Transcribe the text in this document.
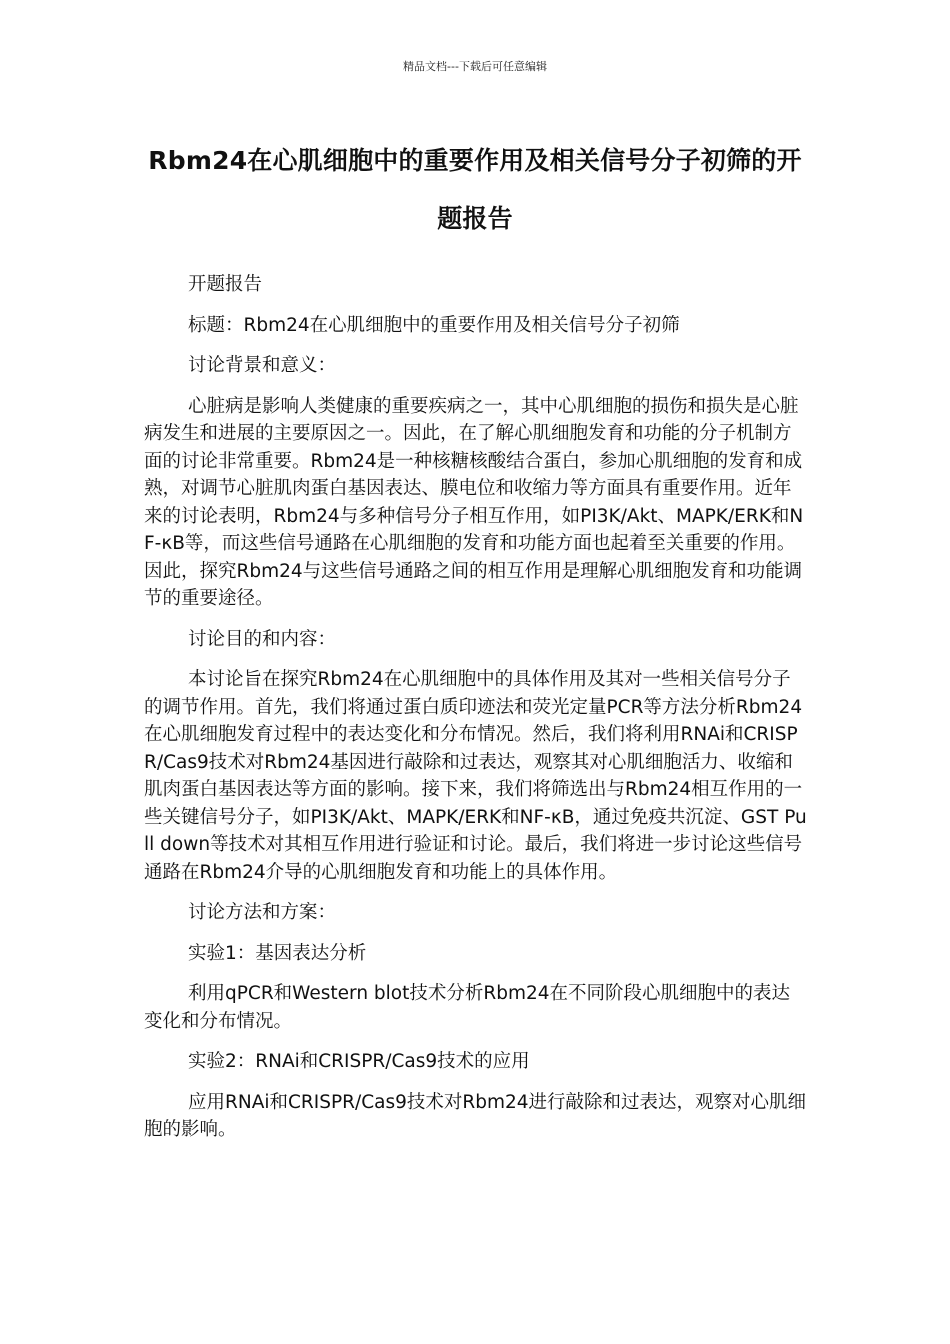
精品文档---下载后可任意编辑
Rbm24在心肌细胞中的重要作用及相关信号分子初筛的开题报告

开题报告

标题：Rbm24在心肌细胞中的重要作用及相关信号分子初筛

讨论背景和意义：

心脏病是影响人类健康的重要疾病之一，其中心肌细胞的损伤和损失是心脏病发生和进展的主要原因之一。因此，在了解心肌细胞发育和功能的分子机制方面的讨论非常重要。Rbm24是一种核糖核酸结合蛋白，参加心肌细胞的发育和成熟，对调节心脏肌肉蛋白基因表达、膜电位和收缩力等方面具有重要作用。近年来的讨论表明，Rbm24与多种信号分子相互作用，如PI3K/Akt、MAPK/ERK和NF-κB等，而这些信号通路在心肌细胞的发育和功能方面也起着至关重要的作用。因此，探究Rbm24与这些信号通路之间的相互作用是理解心肌细胞发育和功能调节的重要途径。

讨论目的和内容：

本讨论旨在探究Rbm24在心肌细胞中的具体作用及其对一些相关信号分子的调节作用。首先，我们将通过蛋白质印迹法和荧光定量PCR等方法分析Rbm24在心肌细胞发育过程中的表达变化和分布情况。然后，我们将利用RNAi和CRISPR/Cas9技术对Rbm24基因进行敲除和过表达，观察其对心肌细胞活力、收缩和肌肉蛋白基因表达等方面的影响。接下来，我们将筛选出与Rbm24相互作用的一些关键信号分子，如PI3K/Akt、MAPK/ERK和NF-κB，通过免疫共沉淀、GST Pull down等技术对其相互作用进行验证和讨论。最后，我们将进一步讨论这些信号通路在Rbm24介导的心肌细胞发育和功能上的具体作用。

讨论方法和方案：

实验1：基因表达分析

利用qPCR和Western blot技术分析Rbm24在不同阶段心肌细胞中的表达变化和分布情况。

实验2：RNAi和CRISPR/Cas9技术的应用

应用RNAi和CRISPR/Cas9技术对Rbm24进行敲除和过表达，观察对心肌细胞的影响。
